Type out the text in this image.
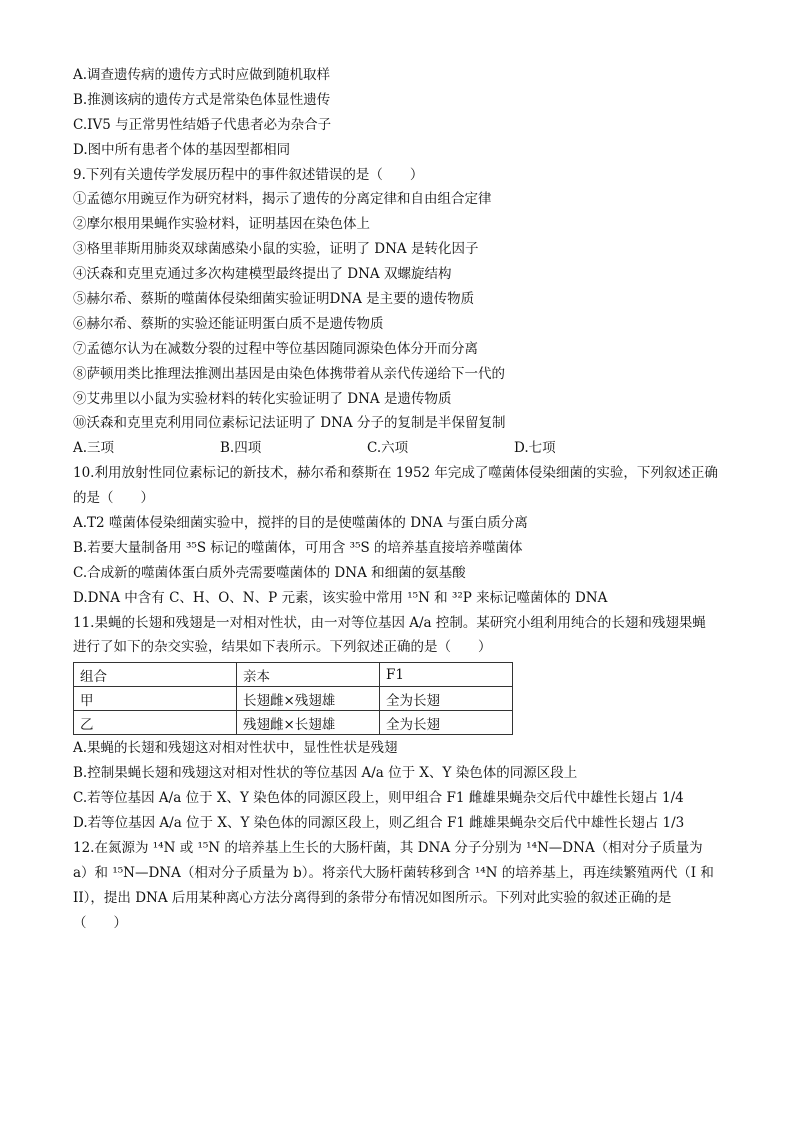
A.调查遗传病的遗传方式时应做到随机取样
B.推测该病的遗传方式是常染色体显性遗传
C.IV5 与正常男性结婚子代患者必为杂合子
D.图中所有患者个体的基因型都相同
9.下列有关遗传学发展历程中的事件叙述错误的是（　　）
①孟德尔用豌豆作为研究材料，揭示了遗传的分离定律和自由组合定律
②摩尔根用果蝇作实验材料，证明基因在染色体上
③格里菲斯用肺炎双球菌感染小鼠的实验，证明了 DNA 是转化因子
④沃森和克里克通过多次构建模型最终提出了 DNA 双螺旋结构
⑤赫尔希、蔡斯的噬菌体侵染细菌实验证明DNA 是主要的遗传物质
⑥赫尔希、蔡斯的实验还能证明蛋白质不是遗传物质
⑦孟德尔认为在减数分裂的过程中等位基因随同源染色体分开而分离
⑧萨顿用类比推理法推测出基因是由染色体携带着从亲代传递给下一代的
⑨艾弗里以小鼠为实验材料的转化实验证明了 DNA 是遗传物质
⑩沃森和克里克利用同位素标记法证明了 DNA 分子的复制是半保留复制
A.三项	B.四项	C.六项	D.七项
10.利用放射性同位素标记的新技术，赫尔希和蔡斯在 1952 年完成了噬菌体侵染细菌的实验，下列叙述正确
的是（　　）
A.T2 噬菌体侵染细菌实验中，搅拌的目的是使噬菌体的 DNA 与蛋白质分离
B.若要大量制备用 ³⁵S 标记的噬菌体，可用含 ³⁵S 的培养基直接培养噬菌体
C.合成新的噬菌体蛋白质外壳需要噬菌体的 DNA 和细菌的氨基酸
D.DNA 中含有 C、H、O、N、P 元素，该实验中常用 ¹⁵N 和 ³²P 来标记噬菌体的 DNA
11.果蝇的长翅和残翅是一对相对性状，由一对等位基因 A/a 控制。某研究小组利用纯合的长翅和残翅果蝇
进行了如下的杂交实验，结果如下表所示。下列叙述正确的是（　　）
组合	亲本	F1
甲	长翅雌×残翅雄	全为长翅
乙	残翅雌×长翅雄	全为长翅
A.果蝇的长翅和残翅这对相对性状中，显性性状是残翅
B.控制果蝇长翅和残翅这对相对性状的等位基因 A/a 位于 X、Y 染色体的同源区段上
C.若等位基因 A/a 位于 X、Y 染色体的同源区段上，则甲组合 F1 雌雄果蝇杂交后代中雄性长翅占 1/4
D.若等位基因 A/a 位于 X、Y 染色体的同源区段上，则乙组合 F1 雌雄果蝇杂交后代中雄性长翅占 1/3
12.在氮源为 ¹⁴N 或 ¹⁵N 的培养基上生长的大肠杆菌，其 DNA 分子分别为 ¹⁴N—DNA（相对分子质量为
a）和 ¹⁵N—DNA（相对分子质量为 b）。将亲代大肠杆菌转移到含 ¹⁴N 的培养基上，再连续繁殖两代（I 和
II），提出 DNA 后用某种离心方法分离得到的条带分布情况如图所示。下列对此实验的叙述正确的是
（　　）
